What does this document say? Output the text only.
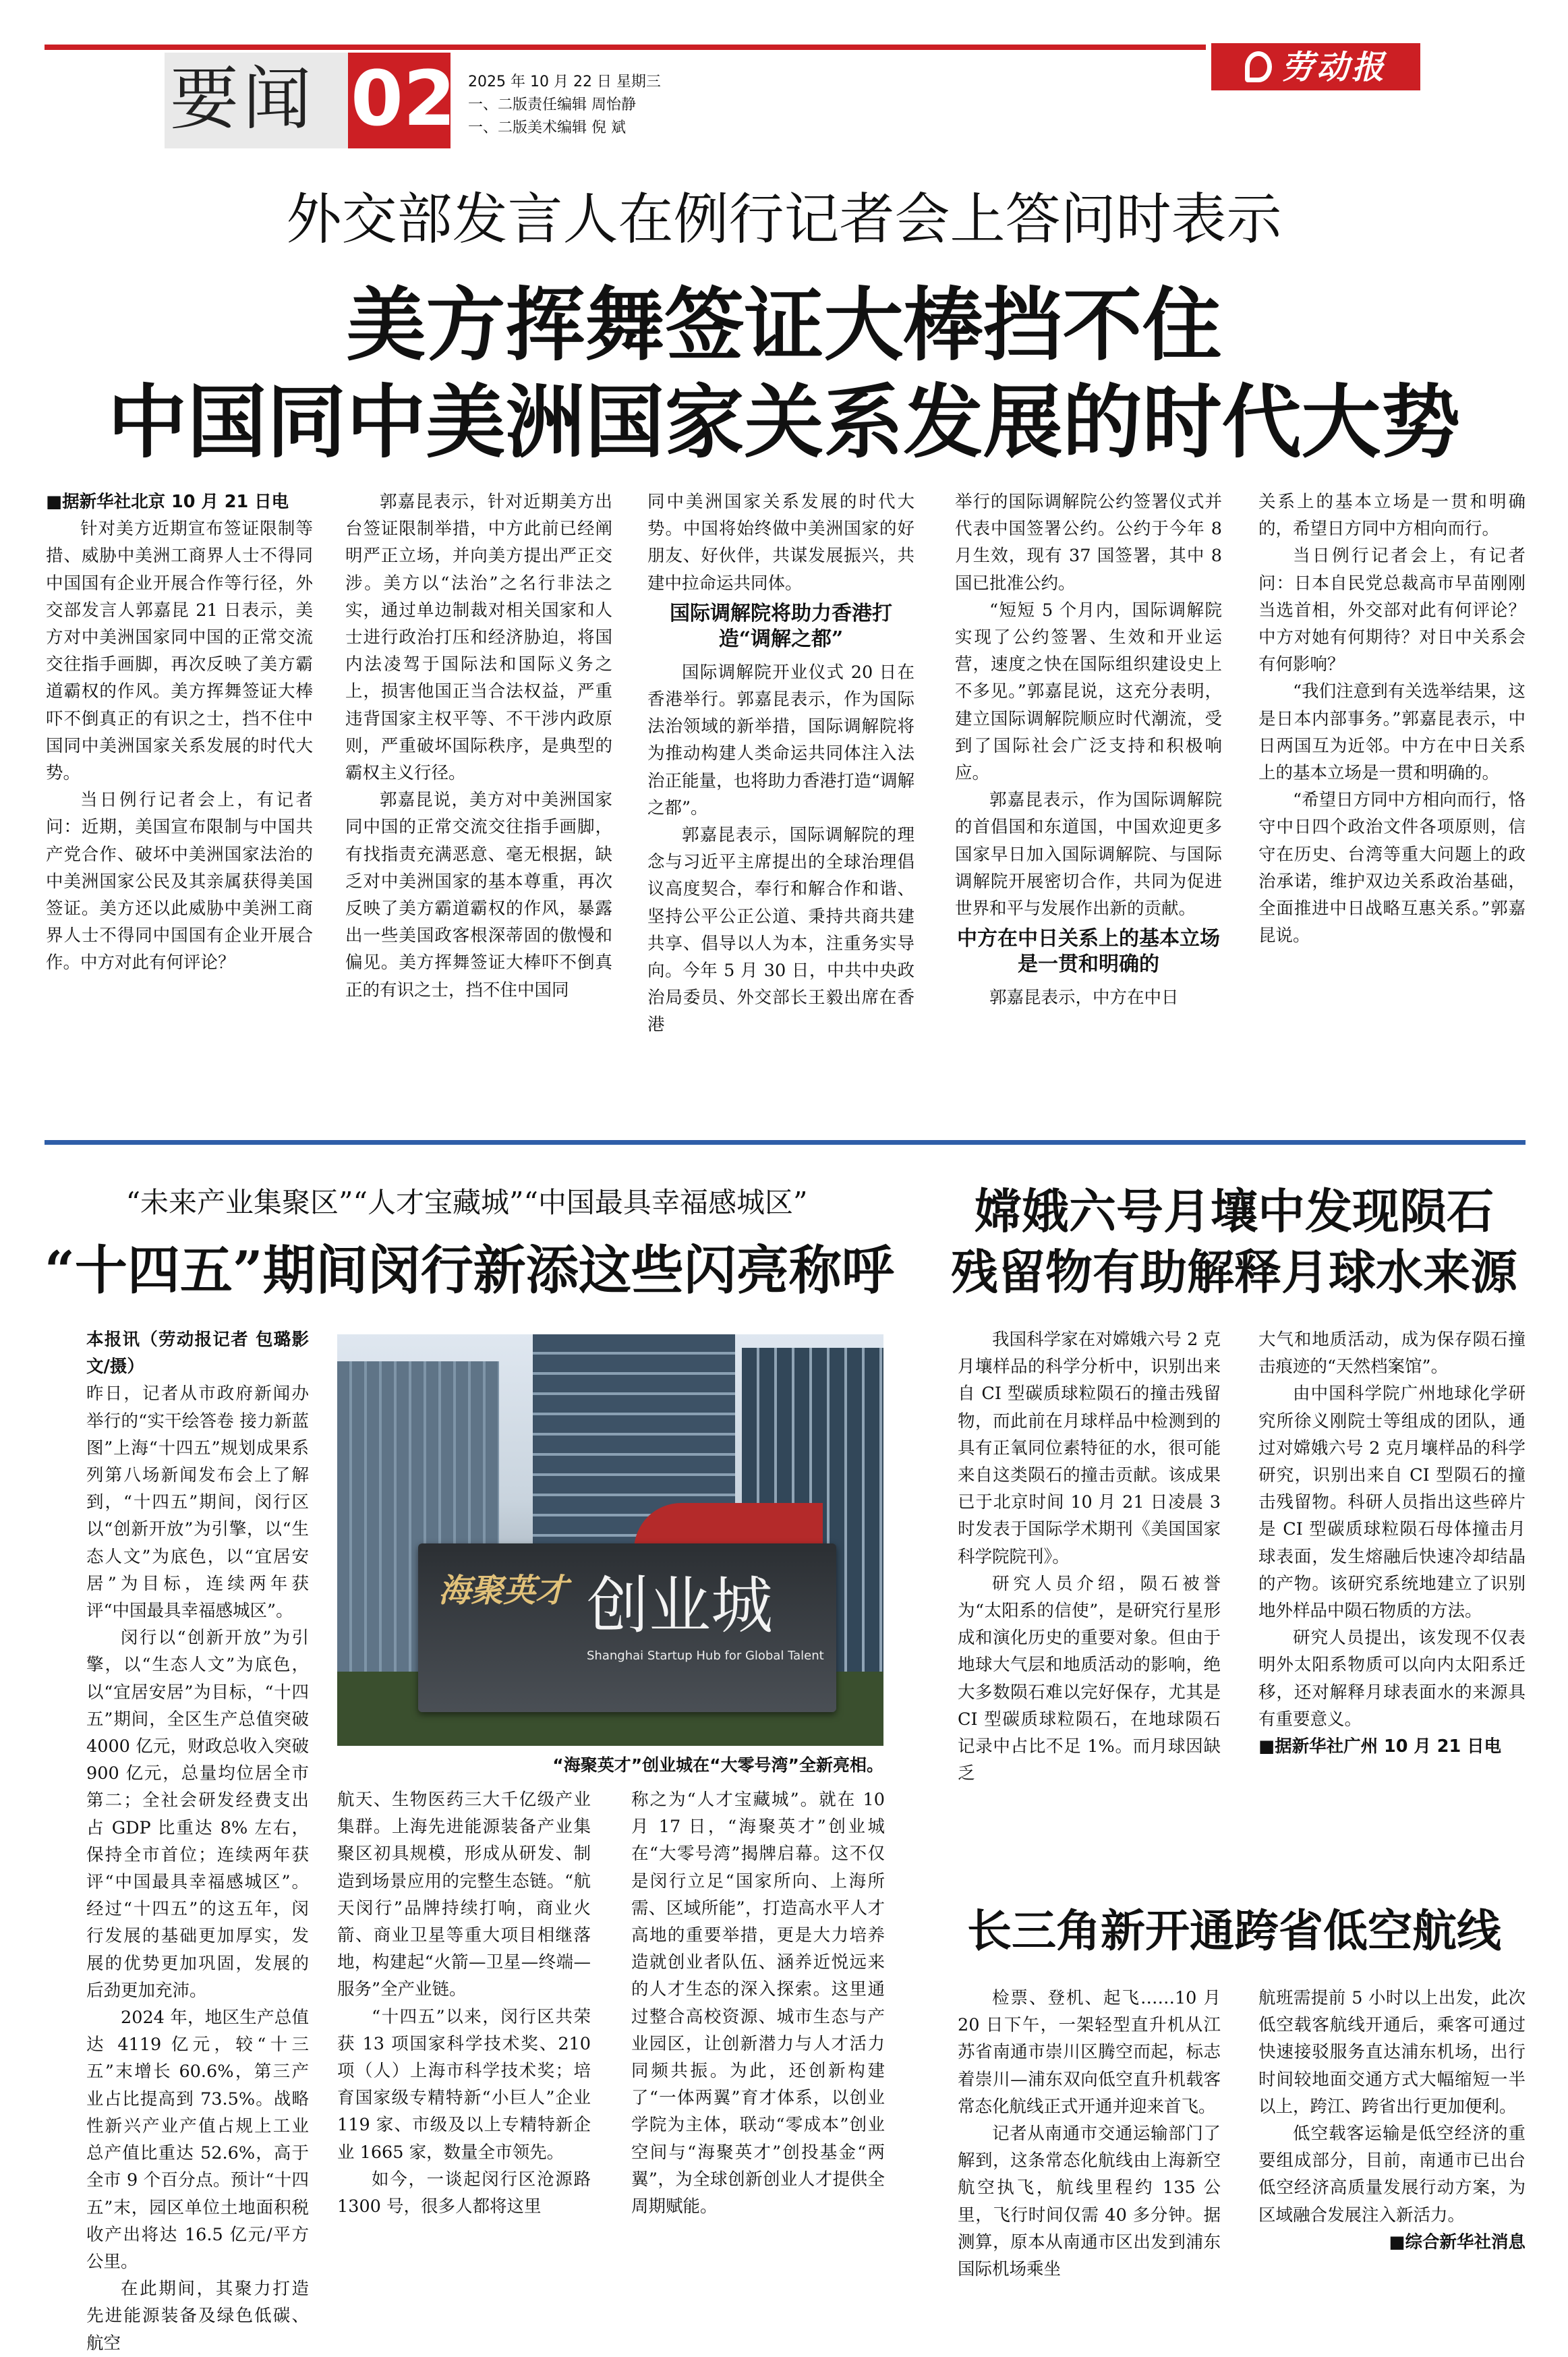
要闻 02 2025 年 10 月 22 日 星期三
一、二版责任编辑 周怡静
一、二版美术编辑 倪 斌
劳动报
外交部发言人在例行记者会上答问时表示
美方挥舞签证大棒挡不住
中国同中美洲国家关系发展的时代大势

■据新华社北京 10 月 21 日电

针对美方近期宣布签证限制等措、威胁中美洲工商界人士不得同中国国有企业开展合作等行径，外交部发言人郭嘉昆 21 日表示，美方对中美洲国家同中国的正常交流交往指手画脚，再次反映了美方霸道霸权的作风。美方挥舞签证大棒吓不倒真正的有识之士，挡不住中国同中美洲国家关系发展的时代大势。

当日例行记者会上，有记者问：近期，美国宣布限制与中国共产党合作、破坏中美洲国家法治的中美洲国家公民及其亲属获得美国签证。美方还以此威胁中美洲工商界人士不得同中国国有企业开展合作。中方对此有何评论？

郭嘉昆表示，针对近期美方出台签证限制举措，中方此前已经阐明严正立场，并向美方提出严正交涉。美方以“法治”之名行非法之实，通过单边制裁对相关国家和人士进行政治打压和经济胁迫，将国内法凌驾于国际法和国际义务之上，损害他国正当合法权益，严重违背国家主权平等、不干涉内政原则，严重破坏国际秩序，是典型的霸权主义行径。

郭嘉昆说，美方对中美洲国家同中国的正常交流交往指手画脚，有找指责充满恶意、毫无根据，缺乏对中美洲国家的基本尊重，再次反映了美方霸道霸权的作风，暴露出一些美国政客根深蒂固的傲慢和偏见。美方挥舞签证大棒吓不倒真正的有识之士，挡不住中国同

同中美洲国家关系发展的时代大势。中国将始终做中美洲国家的好朋友、好伙伴，共谋发展振兴，共建中拉命运共同体。

国际调解院将助力香港打造“调解之都”

国际调解院开业仪式 20 日在香港举行。郭嘉昆表示，作为国际法治领域的新举措，国际调解院将为推动构建人类命运共同体注入法治正能量，也将助力香港打造“调解之都”。

郭嘉昆表示，国际调解院的理念与习近平主席提出的全球治理倡议高度契合，奉行和解合作和谐、坚持公平公正公道、秉持共商共建共享、倡导以人为本，注重务实导向。今年 5 月 30 日，中共中央政治局委员、外交部长王毅出席在香港

举行的国际调解院公约签署仪式并代表中国签署公约。公约于今年 8 月生效，现有 37 国签署，其中 8 国已批准公约。

“短短 5 个月内，国际调解院实现了公约签署、生效和开业运营，速度之快在国际组织建设史上不多见。”郭嘉昆说，这充分表明，建立国际调解院顺应时代潮流，受到了国际社会广泛支持和积极响应。

郭嘉昆表示，作为国际调解院的首倡国和东道国，中国欢迎更多国家早日加入国际调解院、与国际调解院开展密切合作，共同为促进世界和平与发展作出新的贡献。

中方在中日关系上的基本立场是一贯和明确的

郭嘉昆表示，中方在中日

关系上的基本立场是一贯和明确的，希望日方同中方相向而行。

当日例行记者会上，有记者问：日本自民党总裁高市早苗刚刚当选首相，外交部对此有何评论？中方对她有何期待？对日中关系会有何影响？

“我们注意到有关选举结果，这是日本内部事务。”郭嘉昆表示，中日两国互为近邻。中方在中日关系上的基本立场是一贯和明确的。

“希望日方同中方相向而行，恪守中日四个政治文件各项原则，信守在历史、台湾等重大问题上的政治承诺，维护双边关系政治基础，全面推进中日战略互惠关系。”郭嘉昆说。

“未来产业集聚区”“人才宝藏城”“中国最具幸福感城区”
“十四五”期间闵行新添这些闪亮称呼

本报讯（劳动报记者 包璐影 文/摄）

昨日，记者从市政府新闻办举行的“实干绘答卷 接力新蓝图”上海“十四五”规划成果系列第八场新闻发布会上了解到，“十四五”期间，闵行区以“创新开放”为引擎，以“生态人文”为底色，以“宜居安居”为目标，连续两年获评“中国最具幸福感城区”。

闵行以“创新开放”为引擎，以“生态人文”为底色，以“宜居安居”为目标，“十四五”期间，全区生产总值突破 4000 亿元，财政总收入突破 900 亿元，总量均位居全市第二；全社会研发经费支出占 GDP 比重达 8% 左右，保持全市首位；连续两年获评“中国最具幸福感城区”。经过“十四五”的这五年，闵行发展的基础更加厚实，发展的优势更加巩固，发展的后劲更加充沛。

2024 年，地区生产总值达 4119 亿元，较“十三五”末增长 60.6%，第三产业占比提高到 73.5%。战略性新兴产业产值占规上工业总产值比重达 52.6%，高于全市 9 个百分点。预计“十四五”末，园区单位土地面积税收产出将达 16.5 亿元/平方公里。

在此期间，其聚力打造先进能源装备及绿色低碳、航空

海聚英才 创业城
Shanghai Startup Hub for Global Talent
“海聚英才”创业城在“大零号湾”全新亮相。

航天、生物医药三大千亿级产业集群。上海先进能源装备产业集聚区初具规模，形成从研发、制造到场景应用的完整生态链。“航天闵行”品牌持续打响，商业火箭、商业卫星等重大项目相继落地，构建起“火箭—卫星—终端—服务”全产业链。

“十四五”以来，闵行区共荣获 13 项国家科学技术奖、210 项（人）上海市科学技术奖；培育国家级专精特新“小巨人”企业 119 家、市级及以上专精特新企业 1665 家，数量全市领先。

如今，一谈起闵行区沧源路 1300 号，很多人都将这里

称之为“人才宝藏城”。就在 10 月 17 日，“海聚英才”创业城在“大零号湾”揭牌启幕。这不仅是闵行立足“国家所向、上海所需、区域所能”，打造高水平人才高地的重要举措，更是大力培养造就创业者队伍、涵养近悦远来的人才生态的深入探索。这里通过整合高校资源、城市生态与产业园区，让创新潜力与人才活力同频共振。为此，还创新构建了“一体两翼”育才体系，以创业学院为主体，联动“零成本”创业空间与“海聚英才”创投基金“两翼”，为全球创新创业人才提供全周期赋能。

嫦娥六号月壤中发现陨石
残留物有助解释月球水来源

我国科学家在对嫦娥六号 2 克月壤样品的科学分析中，识别出来自 CI 型碳质球粒陨石的撞击残留物，而此前在月球样品中检测到的具有正氧同位素特征的水，很可能来自这类陨石的撞击贡献。该成果已于北京时间 10 月 21 日凌晨 3 时发表于国际学术期刊《美国国家科学院院刊》。

研究人员介绍，陨石被誉为“太阳系的信使”，是研究行星形成和演化历史的重要对象。但由于地球大气层和地质活动的影响，绝大多数陨石难以完好保存，尤其是 CI 型碳质球粒陨石，在地球陨石记录中占比不足 1%。而月球因缺乏

大气和地质活动，成为保存陨石撞击痕迹的“天然档案馆”。

由中国科学院广州地球化学研究所徐义刚院士等组成的团队，通过对嫦娥六号 2 克月壤样品的科学研究，识别出来自 CI 型陨石的撞击残留物。科研人员指出这些碎片是 CI 型碳质球粒陨石母体撞击月球表面，发生熔融后快速冷却结晶的产物。该研究系统地建立了识别地外样品中陨石物质的方法。

研究人员提出，该发现不仅表明外太阳系物质可以向内太阳系迁移，还对解释月球表面水的来源具有重要意义。

■据新华社广州 10 月 21 日电

长三角新开通跨省低空航线

检票、登机、起飞……10 月 20 日下午，一架轻型直升机从江苏省南通市崇川区腾空而起，标志着崇川—浦东双向低空直升机载客常态化航线正式开通并迎来首飞。

记者从南通市交通运输部门了解到，这条常态化航线由上海新空航空执飞，航线里程约 135 公里，飞行时间仅需 40 多分钟。据测算，原本从南通市区出发到浦东国际机场乘坐

航班需提前 5 小时以上出发，此次低空载客航线开通后，乘客可通过快速接驳服务直达浦东机场，出行时间较地面交通方式大幅缩短一半以上，跨江、跨省出行更加便利。

低空载客运输是低空经济的重要组成部分，目前，南通市已出台低空经济高质量发展行动方案，为区域融合发展注入新活力。

■综合新华社消息
